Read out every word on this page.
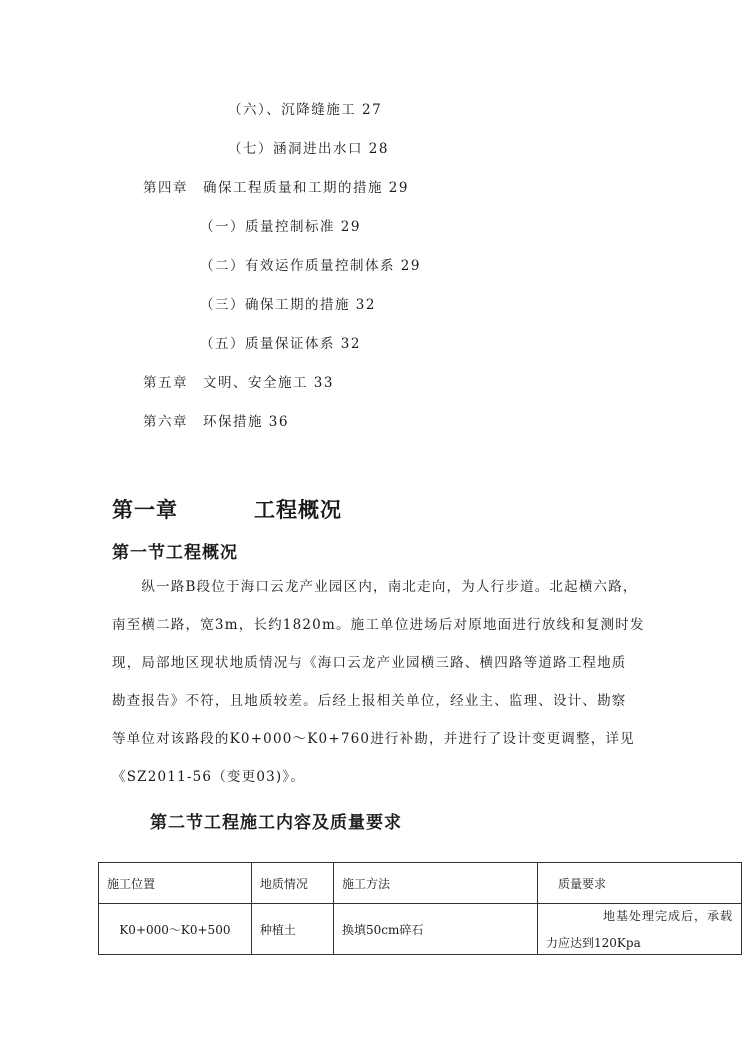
（六）、沉降缝施工 27
（七）涵洞进出水口 28
第四章　确保工程质量和工期的措施 29
（一）质量控制标准 29
（二）有效运作质量控制体系 29
（三）确保工期的措施 32
（五）质量保证体系 32
第五章　文明、安全施工 33
第六章　环保措施 36
第一章	工程概况
第一节工程概况
　　纵一路B段位于海口云龙产业园区内，南北走向，为人行步道。北起横六路，
南至横二路，宽3m，长约1820m。施工单位进场后对原地面进行放线和复测时发
现，局部地区现状地质情况与《海口云龙产业园横三路、横四路等道路工程地质
勘查报告》不符，且地质较差。后经上报相关单位，经业主、监理、设计、勘察
等单位对该路段的K0+000～K0+760进行补勘，并进行了设计变更调整，详见
《SZ2011-56（变更03)》。
第二节工程施工内容及质量要求
施工位置	地质情况	施工方法	质量要求
K0+000～K0+500	种植土	换填50cm碎石	地基处理完成后，承载
力应达到120Kpa
